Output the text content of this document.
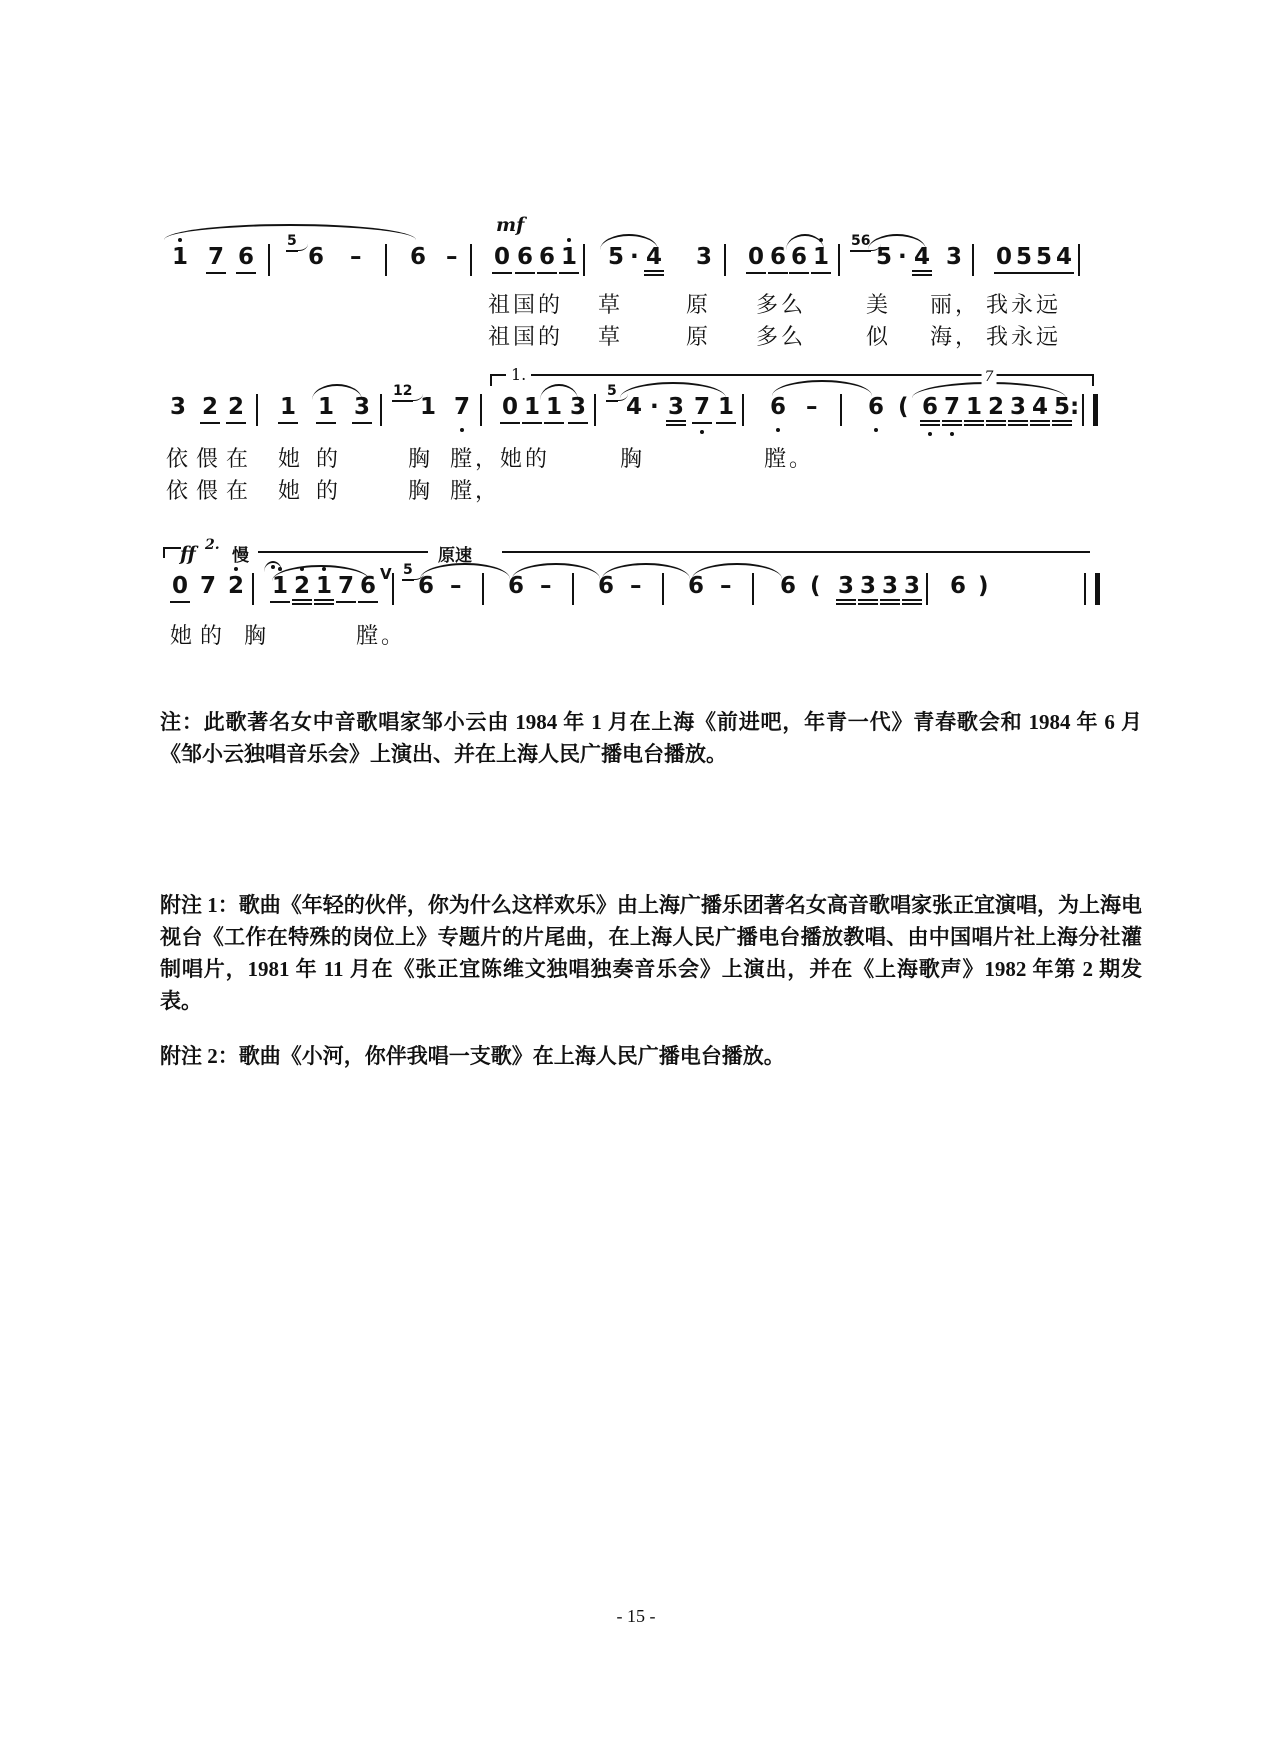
mf
1 7 6
5
6 – 6 – 0 6 6 1 5 · 4 3 0 6 6 1
56
5 · 4 3 0 5 5 4
祖国的 草	原 多么	美 丽， 我永远
祖国的 草	原 多么	似 海， 我永远
1.	7
3 2 2 1 1 3
12
1 7 0 1 1 3
5
4 · 3 7 1 6 – 6 ( 6 7 1 2 3 4 5 :
依 偎 在 她 的	胸 膛， 她的	胸	膛。
依 偎 在 她 的	胸 膛，
ff 2.
慢	原速
0 7 2 1 2 1 7 6 V 5
6 – 6 – 6 – 6 – 6 ( 3 3 3 3 6 )
她 的 胸	膛。
注：此歌著名女中音歌唱家邹小云由 1984 年 1 月在上海《前进吧，年青一代》青春歌会和 1984 年 6 月《邹小云独唱音乐会》上演出、并在上海人民广播电台播放。
附注 1：歌曲《年轻的伙伴，你为什么这样欢乐》由上海广播乐团著名女高音歌唱家张正宜演唱，为上海电视台《工作在特殊的岗位上》专题片的片尾曲，在上海人民广播电台播放教唱、由中国唱片社上海分社灌制唱片，1981 年 11 月在《张正宜陈维文独唱独奏音乐会》上演出，并在《上海歌声》1982 年第 2 期发表。
附注 2：歌曲《小河，你伴我唱一支歌》在上海人民广播电台播放。
- 15 -
